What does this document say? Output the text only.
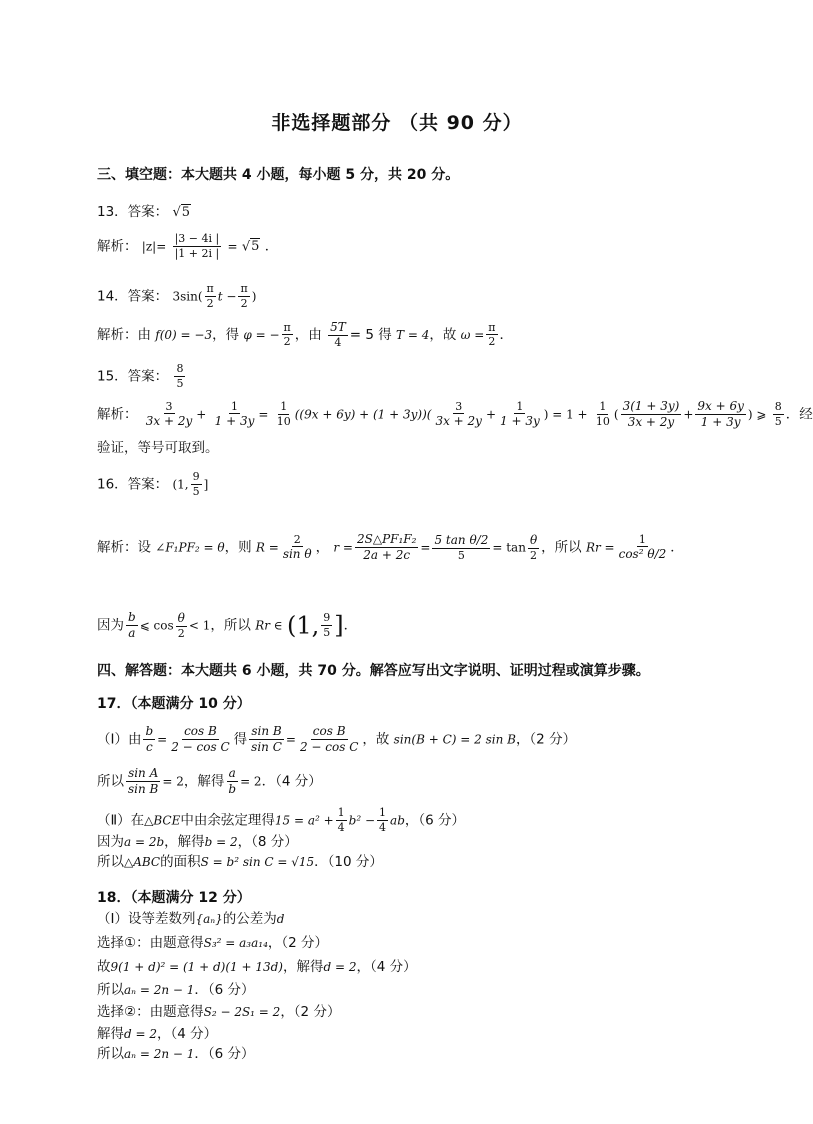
非选择题部分 （共 90 分）
三、填空题：本大题共 4 小题，每小题 5 分，共 20 分。
13．答案： √5
解析： $|z|= \frac{|3 - 4i |}{|1 + 2i |} = √5$ ．
14．答案： $3\sin( \frac{\pi}{2}$ $t - \frac{\pi}{2}$ )
解析：由 f(0) = −3，得 φ = − $\frac{\pi}{2}$ ，由 $\frac{5T}{4} = 5$ 得 T = 4，故 $\omega = \frac{\pi}{2}$ ．
15．答案： $\frac{8}{5}$
解析： $\frac{3}{3x + 2y} + \frac{1}{1 + 3y} = \frac{1}{10} ((9x + 6y) + (1 + 3y))( \frac{3}{3x + 2y} + \frac{1}{1 + 3y}$ ) = $1 + \frac{1}{10}$ ( $\frac{3(1 + 3y)}{3x + 2y} + \frac{9x + 6y}{1 + 3y}$ ) ⩾ $\frac{8}{5}$ ．经
验证，等号可取到。
16．答案： (1, $\frac{9}{5}$ ]
解析：设 ∠F₁PF₂ = θ，则 $R = \frac{2}{\text{sin θ}}$ ， $r = \frac{\text{2S△PF₁F₂}}{2a + 2c} = \frac{\text{5 tan θ/2}}{5} = \tan \frac{\theta}{2}$ ，所以 $Rr = \frac{1}{\text{cos² θ/2}}$ ．
因为 $\frac{b}{a}$ ⩽ $\cos \frac{\theta}{2} < 1$，所以 Rr ∈ (1, $\frac{9}{5}$ ]．
四、解答题：本大题共 6 小题，共 70 分。解答应写出文字说明、证明过程或演算步骤。
17．（本题满分 10 分）
（Ⅰ）由 $\frac{b}{c} = \frac{\text{cos B}}{\text{2 − cos C}}$ 得 $\frac{\text{sin B}}{\text{sin C}} = \frac{\text{cos B}}{\text{2 − cos C}}$ ，故 sin(B + C) = 2 sin B，（2 分）
所以 $\frac{\text{sin A}}{\text{sin B}} = 2$，解得 $\frac{a}{b} = 2$．（4 分）
（Ⅱ）在△BCE中由余弦定理得$15 = a^2 + \frac{1}{4} b^2 - \frac{1}{4}$ ab，（6 分）
因为a = 2b，解得b = 2，（8 分）
所以△ABC的面积S = b² sin C = √15．（10 分）
18．（本题满分 12 分）
（Ⅰ）设等差数列{aₙ}的公差为d
选择①：由题意得S₃² = a₃a₁₄，（2 分）
故9(1 + d)² = (1 + d)(1 + 13d)，解得d = 2，（4 分）
所以aₙ = 2n − 1．（6 分）
选择②：由题意得S₂ − 2S₁ = 2，（2 分）
解得d = 2，（4 分）
所以aₙ = 2n − 1．（6 分）
